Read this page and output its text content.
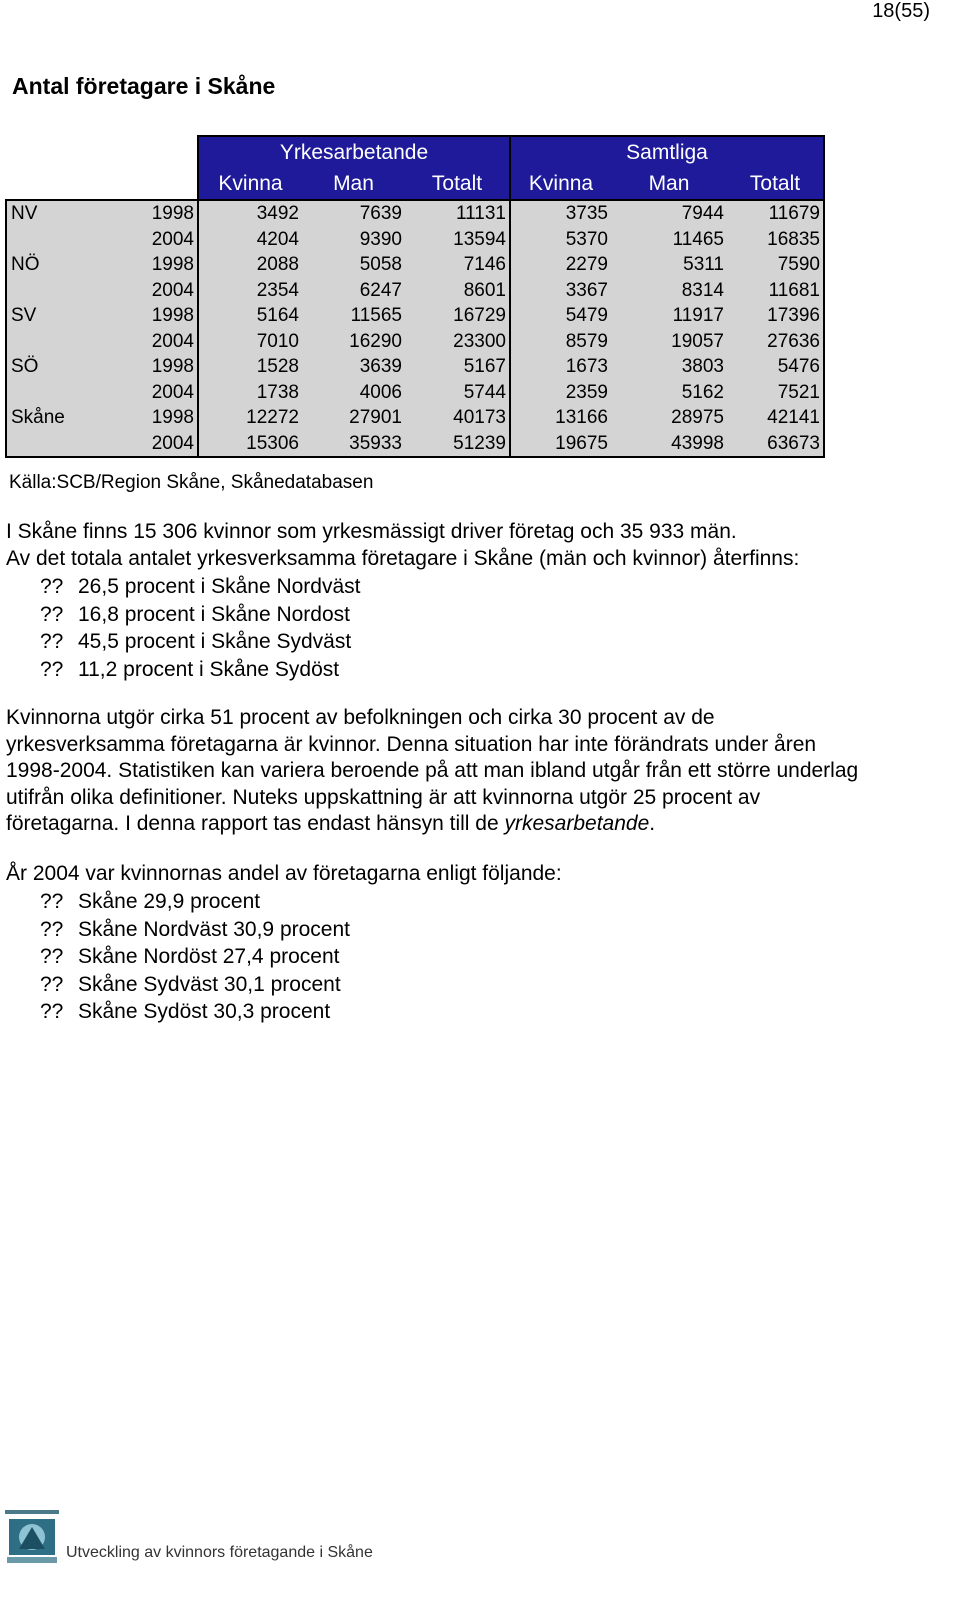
18(55)
Antal företagare i Skåne
		Yrkesarbetande			Samtliga		
		Kvinna	Man	Totalt	Kvinna	Man	Totalt
NV	1998	3492	7639	11131	3735	7944	11679
	2004	4204	9390	13594	5370	11465	16835
NÖ	1998	2088	5058	7146	2279	5311	7590
	2004	2354	6247	8601	3367	8314	11681
SV	1998	5164	11565	16729	5479	11917	17396
	2004	7010	16290	23300	8579	19057	27636
SÖ	1998	1528	3639	5167	1673	3803	5476
	2004	1738	4006	5744	2359	5162	7521
Skåne	1998	12272	27901	40173	13166	28975	42141
	2004	15306	35933	51239	19675	43998	63673

Källa:SCB/Region Skåne, Skånedatabasen

I Skåne finns 15 306 kvinnor som yrkesmässigt driver företag och 35 933 män.
Av det totala antalet yrkesverksamma företagare i Skåne (män och kvinnor) återfinns:

?? 26,5 procent i Skåne Nordväst
?? 16,8 procent i Skåne Nordost
?? 45,5 procent i Skåne Sydväst
?? 11,2 procent i Skåne Sydöst

Kvinnorna utgör cirka 51 procent av befolkningen och cirka 30 procent av de
yrkesverksamma företagarna är kvinnor. Denna situation har inte förändrats under åren
1998-2004. Statistiken kan variera beroende på att man ibland utgår från ett större underlag
utifrån olika definitioner. Nuteks uppskattning är att kvinnorna utgör 25 procent av
företagarna. I denna rapport tas endast hänsyn till de yrkesarbetande.

År 2004 var kvinnornas andel av företagarna enligt följande:

?? Skåne 29,9 procent
?? Skåne Nordväst 30,9 procent
?? Skåne Nordöst 27,4 procent
?? Skåne Sydväst 30,1 procent
?? Skåne Sydöst 30,3 procent
Utveckling av kvinnors företagande i Skåne
